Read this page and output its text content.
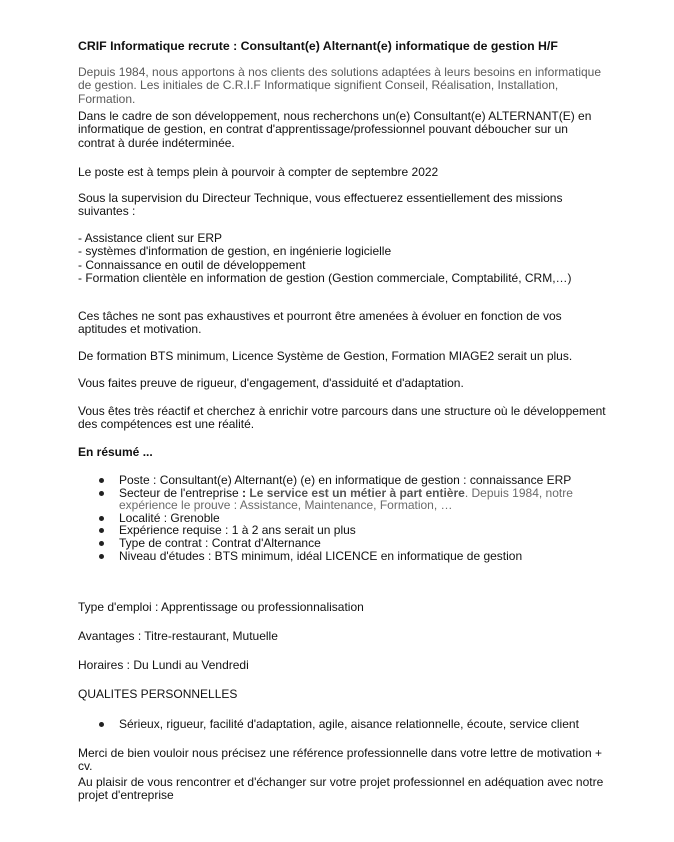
CRIF Informatique recrute : Consultant(e) Alternant(e) informatique de gestion H/F

Depuis 1984, nous apportons à nos clients des solutions adaptées à leurs besoins en informatique de gestion. Les initiales de C.R.I.F Informatique signifient Conseil, Réalisation, Installation, Formation.

Dans le cadre de son développement, nous recherchons un(e) Consultant(e) ALTERNANT(E) en informatique de gestion, en contrat d'apprentissage/professionnel pouvant déboucher sur un contrat à durée indéterminée.

Le poste est à temps plein à pourvoir à compter de septembre 2022

Sous la supervision du Directeur Technique, vous effectuerez essentiellement des missions suivantes :

- Assistance client sur ERP
- systèmes d'information de gestion, en ingénierie logicielle
- Connaissance en outil de développement
- Formation clientèle en information de gestion (Gestion commerciale, Comptabilité, CRM,…)

Ces tâches ne sont pas exhaustives et pourront être amenées à évoluer en fonction de vos aptitudes et motivation.

De formation BTS minimum, Licence Système de Gestion, Formation MIAGE2 serait un plus.

Vous faites preuve de rigueur, d'engagement, d'assiduité et d'adaptation.

Vous êtes très réactif et cherchez à enrichir votre parcours dans une structure où le développement des compétences est une réalité.

En résumé ...

Poste : Consultant(e) Alternant(e) (e) en informatique de gestion : connaissance ERP
Secteur de l'entreprise : Le service est un métier à part entière. Depuis 1984, notre expérience le prouve : Assistance, Maintenance, Formation, …
Localité : Grenoble
Expérience requise : 1 à 2 ans serait un plus
Type de contrat : Contrat d'Alternance
Niveau d'études : BTS minimum, idéal LICENCE en informatique de gestion

Type d'emploi : Apprentissage ou professionnalisation

Avantages : Titre-restaurant, Mutuelle

Horaires : Du Lundi au Vendredi

QUALITES PERSONNELLES

Sérieux, rigueur, facilité d'adaptation, agile, aisance relationnelle, écoute, service client

Merci de bien vouloir nous précisez une référence professionnelle dans votre lettre de motivation + cv.

Au plaisir de vous rencontrer et d'échanger sur votre projet professionnel en adéquation avec notre projet d'entreprise
